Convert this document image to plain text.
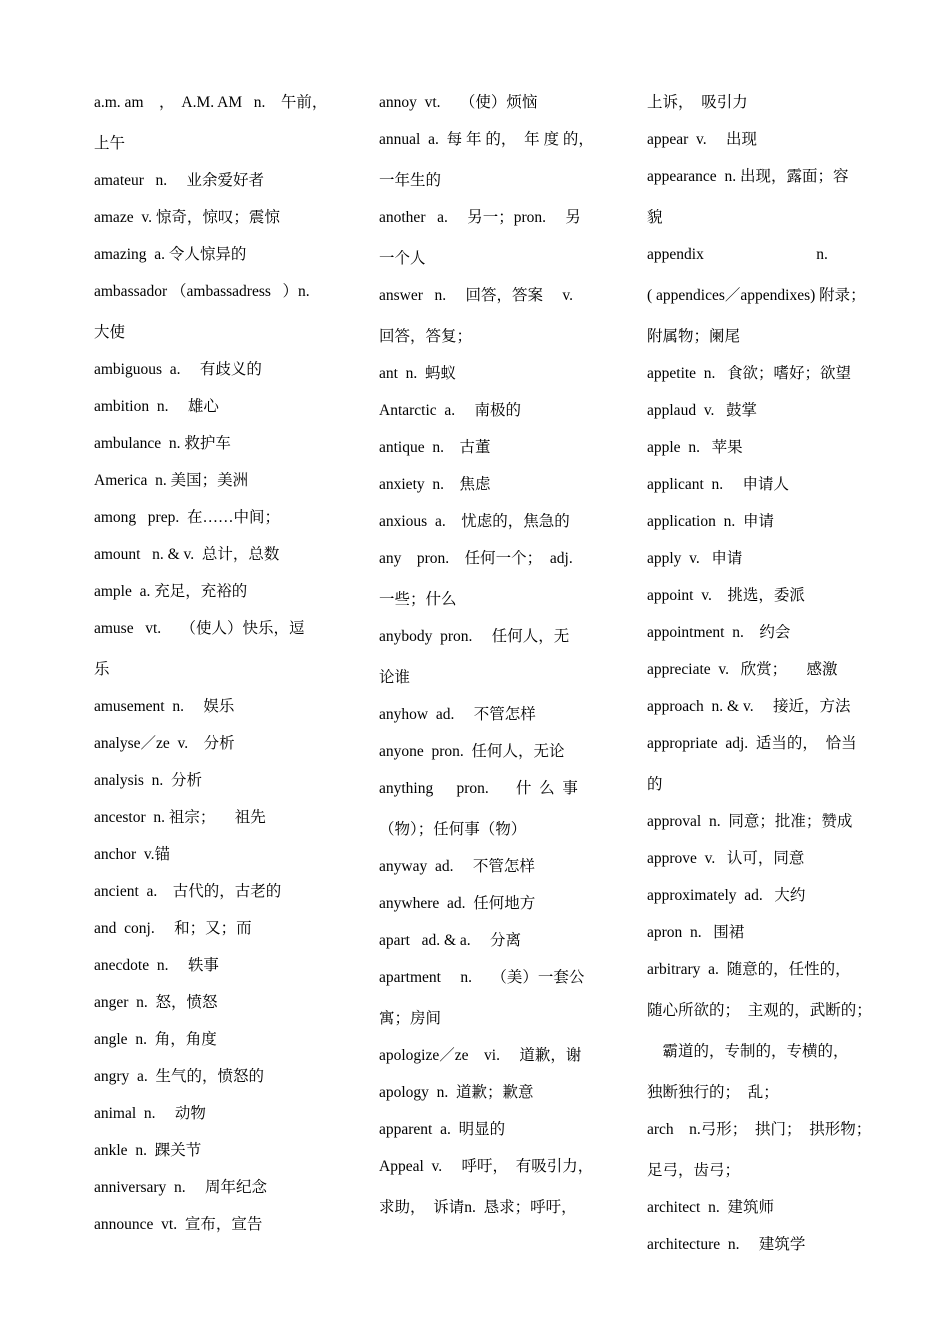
a.m. am    ，  A.M. AM   n.    午前，
上午
amateur   n.     业余爱好者
amaze  v. 惊奇，惊叹；震惊
amazing  a. 令人惊异的
ambassador （ambassadress   ）n.
大使
ambiguous  a.     有歧义的
ambition  n.     雄心
ambulance  n. 救护车
America  n. 美国；美洲
among   prep.  在……中间；
amount   n. & v.  总计，总数
ample  a. 充足，充裕的
amuse   vt.     （使人）快乐，逗
乐
amusement  n.     娱乐
analyse／ze  v.    分析
analysis  n.  分析
ancestor  n. 祖宗；     祖先
anchor  v.锚
ancient  a.    古代的，古老的
and  conj.     和；又；而
anecdote  n.     轶事
anger  n.  怒，愤怒
angle  n.  角，角度
angry  a.  生气的，愤怒的
animal  n.     动物
ankle  n.  踝关节
anniversary  n.     周年纪念
announce  vt.  宣布，宣告
annoy  vt.     （使）烦恼
annual  a.  每 年 的，  年 度 的，
一年生的
another   a.     另一；pron.     另
一个人
answer   n.     回答，答案     v.
回答，答复；
ant  n.  蚂蚁
Antarctic  a.     南极的
antique  n.    古董
anxiety  n.    焦虑
anxious  a.    忧虑的，焦急的
any    pron.    任何一个；  adj.
一些；什么
anybody  pron.     任何人，无
论谁
anyhow  ad.     不管怎样
anyone  pron.  任何人，无论
anything      pron.       什  么  事
（物）；任何事（物）
anyway  ad.     不管怎样
anywhere  ad.  任何地方
apart   ad. & a.     分离
apartment     n.     （美）一套公
寓；房间
apologize／ze    vi.     道歉，谢
apology  n.  道歉；歉意
apparent  a.  明显的
Appeal  v.     呼吁，  有吸引力，
求助，  诉请n.  恳求；呼吁，
上诉，  吸引力
appear  v.     出现
appearance  n. 出现，露面；容
貌
appendix                             n.
( appendices／appendixes) 附录；
附属物；阑尾
appetite  n.   食欲；嗜好；欲望
applaud  v.   鼓掌
apple  n.   苹果
applicant  n.     申请人
application  n.  申请
apply  v.   申请
appoint  v.    挑选，委派
appointment  n.    约会
appreciate  v.   欣赏；     感激
approach  n. & v.     接近，方法
appropriate  adj.  适当的，  恰当
的
approval  n.  同意；批准；赞成
approve  v.   认可，同意
approximately  ad.   大约
apron  n.   围裙
arbitrary  a.  随意的，任性的，
随心所欲的；  主观的，武断的；
霸道的，专制的，专横的，
独断独行的；  乱；
arch    n.弓形；  拱门；  拱形物；
足弓，齿弓；
architect  n.  建筑师
architecture  n.     建筑学
